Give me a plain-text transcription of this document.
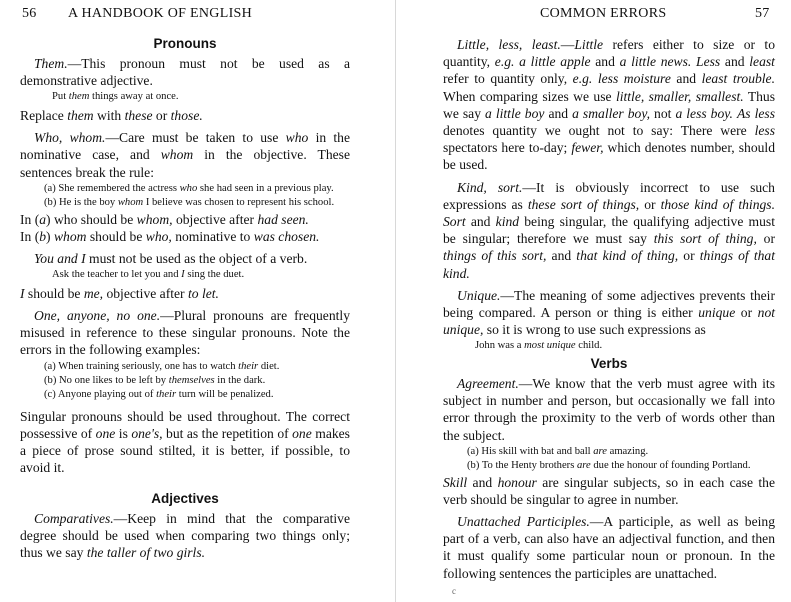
56 A HANDBOOK OF ENGLISH
Pronouns

Them.—This pronoun must not be used as a demonstrative adjective.

Put them things away at once.

Replace them with these or those.

Who, whom.—Care must be taken to use who in the nominative case, and whom in the objective. These sentences break the rule:

(a) She remembered the actress who she had seen in a previous play.

(b) He is the boy whom I believe was chosen to represent his school.

In (a) who should be whom, objective after had seen.

In (b) whom should be who, nominative to was chosen.

You and I must not be used as the object of a verb.

Ask the teacher to let you and I sing the duet.

I should be me, objective after to let.

One, anyone, no one.—Plural pronouns are frequently misused in reference to these singular pronouns. Note the errors in the following examples:

(a) When training seriously, one has to watch their diet.

(b) No one likes to be left by themselves in the dark.

(c) Anyone playing out of their turn will be penalized.

Singular pronouns should be used throughout. The correct possessive of one is one's, but as the repetition of one makes a piece of prose sound stilted, it is better, if possible, to avoid it.

Adjectives

Comparatives.—Keep in mind that the comparative degree should be used when comparing two things only; thus we say the taller of two girls.

COMMON ERRORS	57

Little, less, least.—Little refers either to size or to quantity, e.g. a little apple and a little news. Less and least refer to quantity only, e.g. less moisture and least trouble. When comparing sizes we use little, smaller, smallest. Thus we say a little boy and a smaller boy, not a less boy. As less denotes quantity we ought not to say: There were less spectators here to-day; fewer, which denotes number, should be used.

Kind, sort.—It is obviously incorrect to use such expressions as these sort of things, or those kind of things. Sort and kind being singular, the qualifying adjective must be singular; therefore we must say this sort of thing, or things of this sort, and that kind of thing, or things of that kind.

Unique.—The meaning of some adjectives prevents their being compared. A person or thing is either unique or not unique, so it is wrong to use such expressions as

John was a most unique child.

Verbs

Agreement.—We know that the verb must agree with its subject in number and person, but occasionally we fall into error through the proximity to the verb of words other than the subject.

(a) His skill with bat and ball are amazing.

(b) To the Henty brothers are due the honour of founding Portland.

Skill and honour are singular subjects, so in each case the verb should be singular to agree in number.

Unattached Participles.—A participle, as well as being part of a verb, can also have an adjectival function, and then it must qualify some particular noun or pronoun. In the following sentences the participles are unattached.

c
